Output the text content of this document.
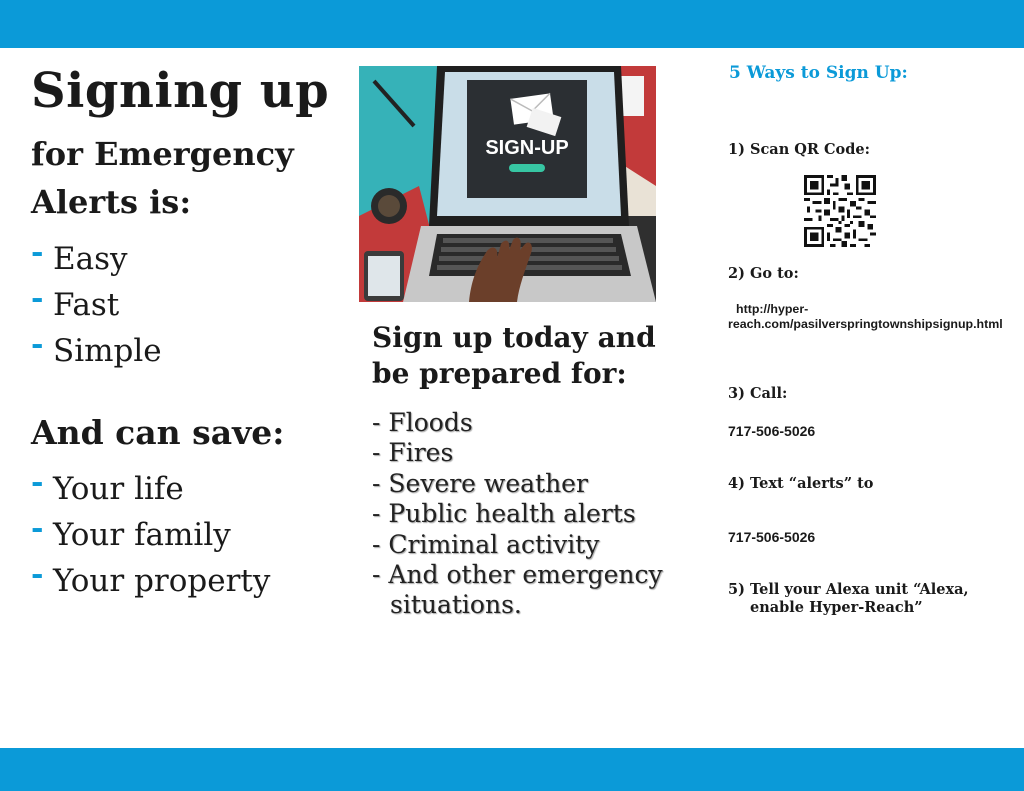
Signing up
for Emergency Alerts is:
- Easy
- Fast
- Simple
And can save:
- Your life
- Your family
- Your property
SIGN-UP
Sign up today and be prepared for:
- Floods
- Fires
- Severe weather
- Public health alerts
- Criminal activity
- And other emergency situations.

5 Ways to Sign Up:

1) Scan QR Code:

2) Go to:

http://hyper-reach.com/pasilverspringtownshipsignup.html

3) Call:

717-506-5026

4) Text “alerts” to

717-506-5026

5) Tell your Alexa unit “Alexa,

enable Hyper-Reach”
